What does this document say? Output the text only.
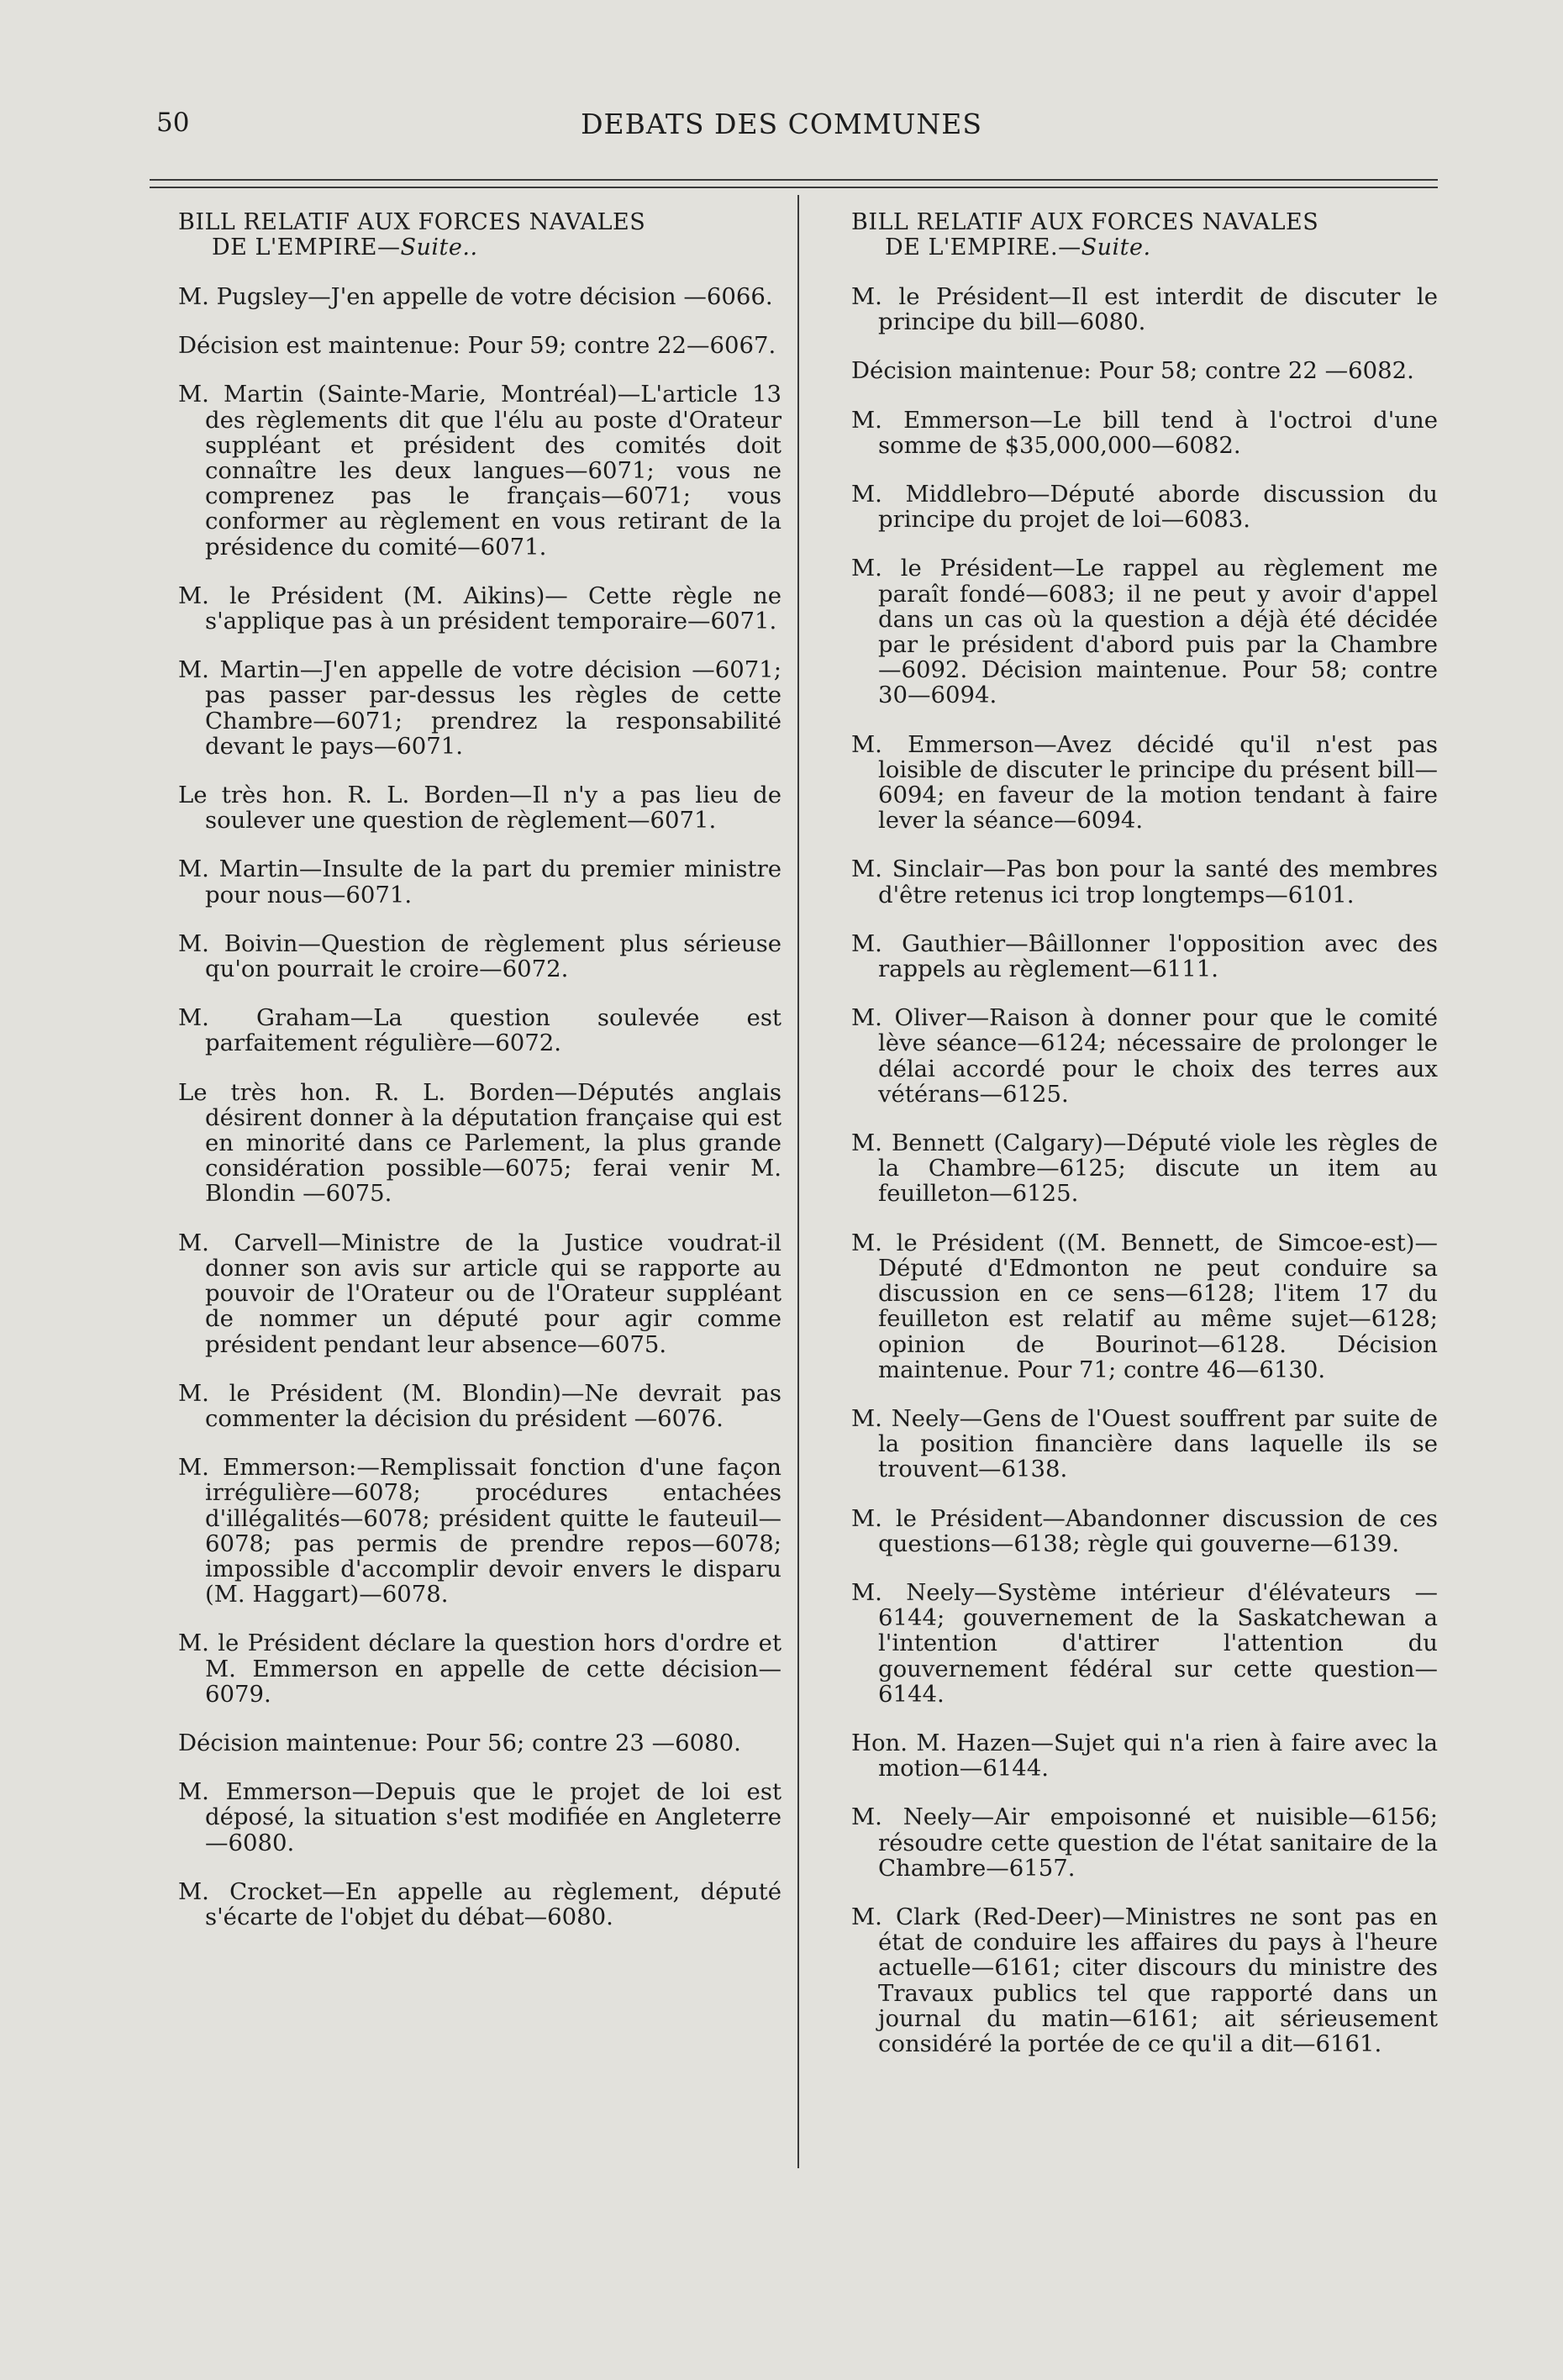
50	DEBATS DES COMMUNES
BILL RELATIF AUX FORCES NAVALES
DE L'EMPIRE—Suite..

M. Pugsley—J'en appelle de votre décision —6066.

Décision est maintenue: Pour 59; contre 22—6067.

M. Martin (Sainte-Marie, Montréal)—L'article 13 des règlements dit que l'élu au poste d'Orateur suppléant et président des comités doit connaître les deux langues—6071; vous ne comprenez pas le français—6071; vous conformer au règlement en vous retirant de la présidence du comité—6071.

M. le Président (M. Aikins)— Cette règle ne s'applique pas à un président temporaire—6071.

M. Martin—J'en appelle de votre décision —6071; pas passer par-dessus les règles de cette Chambre—6071; prendrez la responsabilité devant le pays—6071.

Le très hon. R. L. Borden—Il n'y a pas lieu de soulever une question de règlement—6071.

M. Martin—Insulte de la part du premier ministre pour nous—6071.

M. Boivin—Question de règlement plus sérieuse qu'on pourrait le croire—6072.

M. Graham—La question soulevée est parfaitement régulière—6072.

Le très hon. R. L. Borden—Députés anglais désirent donner à la députation française qui est en minorité dans ce Parlement, la plus grande considération possible—6075; ferai venir M. Blondin —6075.

M. Carvell—Ministre de la Justice voudrat-il donner son avis sur article qui se rapporte au pouvoir de l'Orateur ou de l'Orateur suppléant de nommer un député pour agir comme président pendant leur absence—6075.

M. le Président (M. Blondin)—Ne devrait pas commenter la décision du président —6076.

M. Emmerson:—Remplissait fonction d'une façon irrégulière—6078; procédures entachées d'illégalités—6078; président quitte le fauteuil—6078; pas permis de prendre repos—6078; impossible d'accomplir devoir envers le disparu (M. Haggart)—6078.

M. le Président déclare la question hors d'ordre et M. Emmerson en appelle de cette décision—6079.

Décision maintenue: Pour 56; contre 23 —6080.

M. Emmerson—Depuis que le projet de loi est déposé, la situation s'est modifiée en Angleterre—6080.

M. Crocket—En appelle au règlement, député s'écarte de l'objet du débat—6080.

BILL RELATIF AUX FORCES NAVALES
DE L'EMPIRE.—Suite.

M. le Président—Il est interdit de discuter le principe du bill—6080.

Décision maintenue: Pour 58; contre 22 —6082.

M. Emmerson—Le bill tend à l'octroi d'une somme de $35,000,000—6082.

M. Middlebro—Député aborde discussion du principe du projet de loi—6083.

M. le Président—Le rappel au règlement me paraît fondé—6083; il ne peut y avoir d'appel dans un cas où la question a déjà été décidée par le président d'abord puis par la Chambre —6092. Décision maintenue. Pour 58; contre 30—6094.

M. Emmerson—Avez décidé qu'il n'est pas loisible de discuter le principe du présent bill—6094; en faveur de la motion tendant à faire lever la séance—6094.

M. Sinclair—Pas bon pour la santé des membres d'être retenus ici trop longtemps—6101.

M. Gauthier—Bâillonner l'opposition avec des rappels au règlement—6111.

M. Oliver—Raison à donner pour que le comité lève séance—6124; nécessaire de prolonger le délai accordé pour le choix des terres aux vétérans—6125.

M. Bennett (Calgary)—Député viole les règles de la Chambre—6125; discute un item au feuilleton—6125.

M. le Président ((M. Bennett, de Simcoe-est)—Député d'Edmonton ne peut conduire sa discussion en ce sens—6128; l'item 17 du feuilleton est relatif au même sujet—6128; opinion de Bourinot—6128. Décision maintenue. Pour 71; contre 46—6130.

M. Neely—Gens de l'Ouest souffrent par suite de la position financière dans laquelle ils se trouvent—6138.

M. le Président—Abandonner discussion de ces questions—6138; règle qui gouverne—6139.

M. Neely—Système intérieur d'élévateurs —6144; gouvernement de la Saskatchewan a l'intention d'attirer l'attention du gouvernement fédéral sur cette question—6144.

Hon. M. Hazen—Sujet qui n'a rien à faire avec la motion—6144.

M. Neely—Air empoisonné et nuisible—6156; résoudre cette question de l'état sanitaire de la Chambre—6157.

M. Clark (Red-Deer)—Ministres ne sont pas en état de conduire les affaires du pays à l'heure actuelle—6161; citer discours du ministre des Travaux publics tel que rapporté dans un journal du matin—6161; ait sérieusement considéré la portée de ce qu'il a dit—6161.
